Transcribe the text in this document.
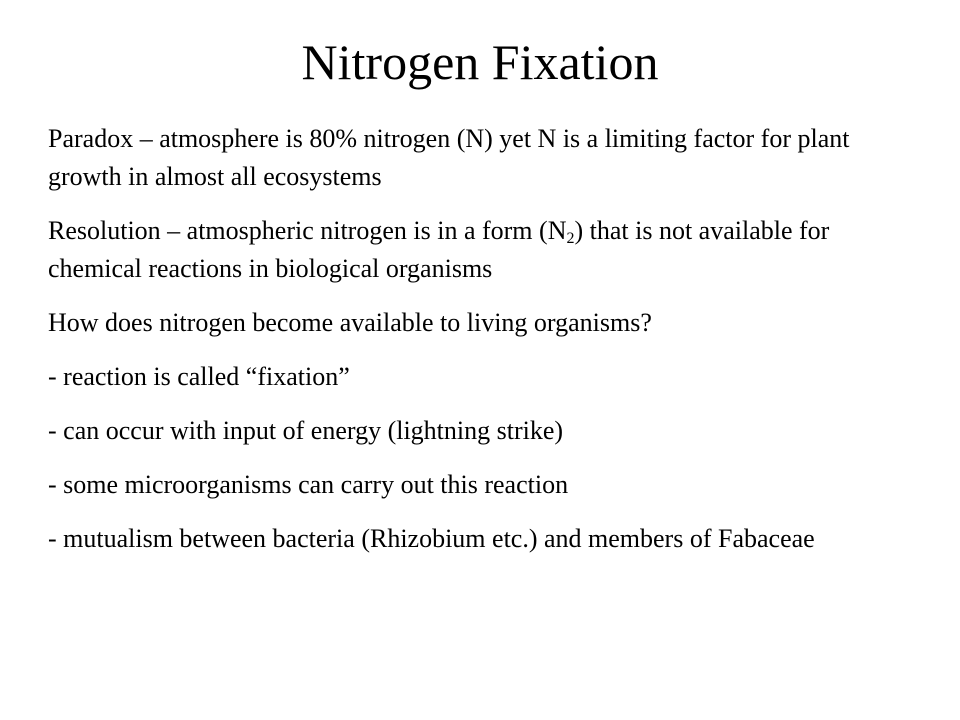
Nitrogen Fixation

Paradox – atmosphere is 80% nitrogen (N) yet N is a limiting factor for plant growth in almost all ecosystems

Resolution – atmospheric nitrogen is in a form $(N_2)$ that is not available for chemical reactions in biological organisms

How does nitrogen become available to living organisms?

- reaction is called “fixation”

- can occur with input of energy (lightning strike)

- some microorganisms can carry out this reaction

- mutualism between bacteria (Rhizobium etc.) and members of Fabaceae
